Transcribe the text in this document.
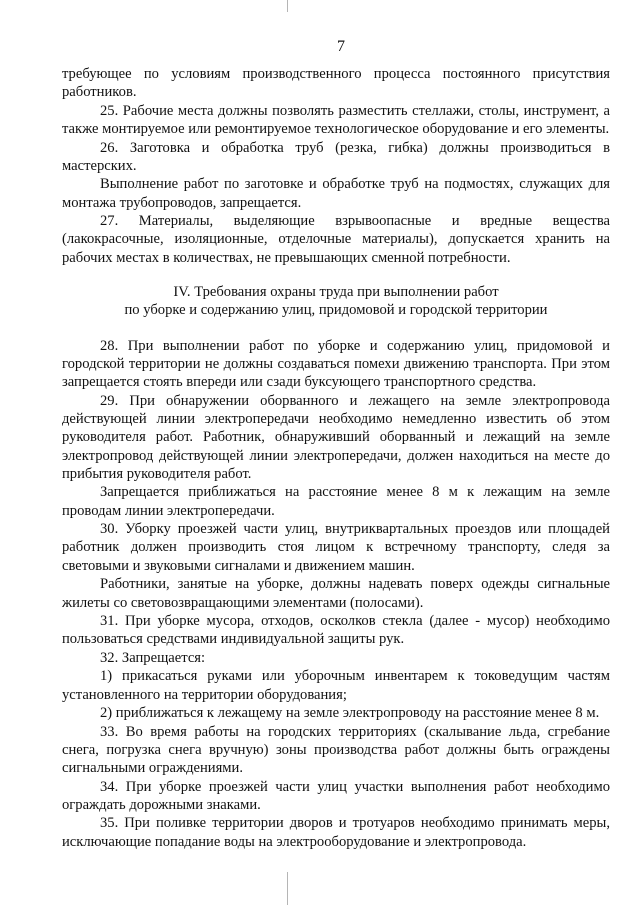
7

требующее по условиям производственного процесса постоянного присутствия работников.

25. Рабочие места должны позволять разместить стеллажи, столы, инструмент, а также монтируемое или ремонтируемое технологическое оборудование и его элементы.

26. Заготовка и обработка труб (резка, гибка) должны производиться в мастерских.

Выполнение работ по заготовке и обработке труб на подмостях, служащих для монтажа трубопроводов, запрещается.

27. Материалы, выделяющие взрывоопасные и вредные вещества (лакокрасочные, изоляционные, отделочные материалы), допускается хранить на рабочих местах в количествах, не превышающих сменной потребности.

IV. Требования охраны труда при выполнении работ
по уборке и содержанию улиц, придомовой и городской территории

28. При выполнении работ по уборке и содержанию улиц, придомовой и городской территории не должны создаваться помехи движению транспорта. При этом запрещается стоять впереди или сзади буксующего транспортного средства.

29. При обнаружении оборванного и лежащего на земле электропровода действующей линии электропередачи необходимо немедленно известить об этом руководителя работ. Работник, обнаруживший оборванный и лежащий на земле электропровод действующей линии электропередачи, должен находиться на месте до прибытия руководителя работ.

Запрещается приближаться на расстояние менее 8 м к лежащим на земле проводам линии электропередачи.

30. Уборку проезжей части улиц, внутриквартальных проездов или площадей работник должен производить стоя лицом к встречному транспорту, следя за световыми и звуковыми сигналами и движением машин.

Работники, занятые на уборке, должны надевать поверх одежды сигнальные жилеты со световозвращающими элементами (полосами).

31. При уборке мусора, отходов, осколков стекла (далее - мусор) необходимо пользоваться средствами индивидуальной защиты рук.

32. Запрещается:

1) прикасаться руками или уборочным инвентарем к токоведущим частям установленного на территории оборудования;

2) приближаться к лежащему на земле электропроводу на расстояние менее 8 м.

33. Во время работы на городских территориях (скалывание льда, сгребание снега, погрузка снега вручную) зоны производства работ должны быть ограждены сигнальными ограждениями.

34. При уборке проезжей части улиц участки выполнения работ необходимо ограждать дорожными знаками.

35. При поливке территории дворов и тротуаров необходимо принимать меры, исключающие попадание воды на электрооборудование и электропровода.
